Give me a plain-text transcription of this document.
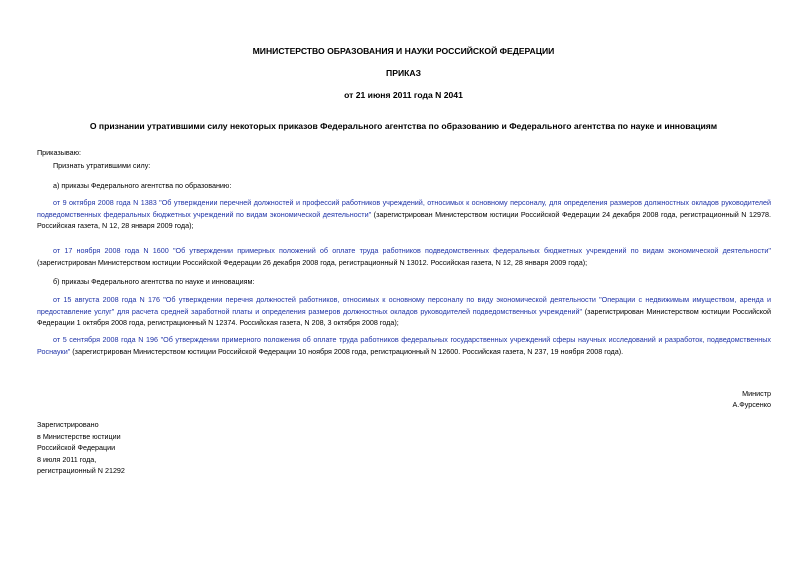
МИНИСТЕРСТВО ОБРАЗОВАНИЯ И НАУКИ РОССИЙСКОЙ ФЕДЕРАЦИИ
ПРИКАЗ
от 21 июня 2011 года N 2041
О признании утратившими силу некоторых приказов Федерального агентства по образованию и Федерального агентства по науке и инновациям
Приказываю:
Признать утратившими силу:
а) приказы Федерального агентства по образованию:
от 9 октября 2008 года N 1383 "Об утверждении перечней должностей и профессий работников учреждений, относимых к основному персоналу, для определения размеров должностных окладов руководителей подведомственных федеральных бюджетных учреждений по видам экономической деятельности" (зарегистрирован Министерством юстиции Российской Федерации 24 декабря 2008 года, регистрационный N 12978. Российская газета, N 12, 28 января 2009 года);
от 17 ноября 2008 года N 1600 "Об утверждении примерных положений об оплате труда работников подведомственных федеральных бюджетных учреждений по видам экономической деятельности" (зарегистрирован Министерством юстиции Российской Федерации 26 декабря 2008 года, регистрационный N 13012. Российская газета, N 12, 28 января 2009 года);
б) приказы Федерального агентства по науке и инновациям:
от 15 августа 2008 года N 176 "Об утверждении перечня должностей работников, относимых к основному персоналу по виду экономической деятельности "Операции с недвижимым имуществом, аренда и предоставление услуг" для расчета средней заработной платы и определения размеров должностных окладов руководителей подведомственных учреждений" (зарегистрирован Министерством юстиции Российской Федерации 1 октября 2008 года, регистрационный N 12374. Российская газета, N 208, 3 октября 2008 года);
от 5 сентября 2008 года N 196 "Об утверждении примерного положения об оплате труда работников федеральных государственных учреждений сферы научных исследований и разработок, подведомственных Роснауки" (зарегистрирован Министерством юстиции Российской Федерации 10 ноября 2008 года, регистрационный N 12600. Российская газета, N 237, 19 ноября 2008 года).
Министр
А.Фурсенко
Зарегистрировано
в Министерстве юстиции
Российской Федерации
8 июля 2011 года,
регистрационный N 21292
